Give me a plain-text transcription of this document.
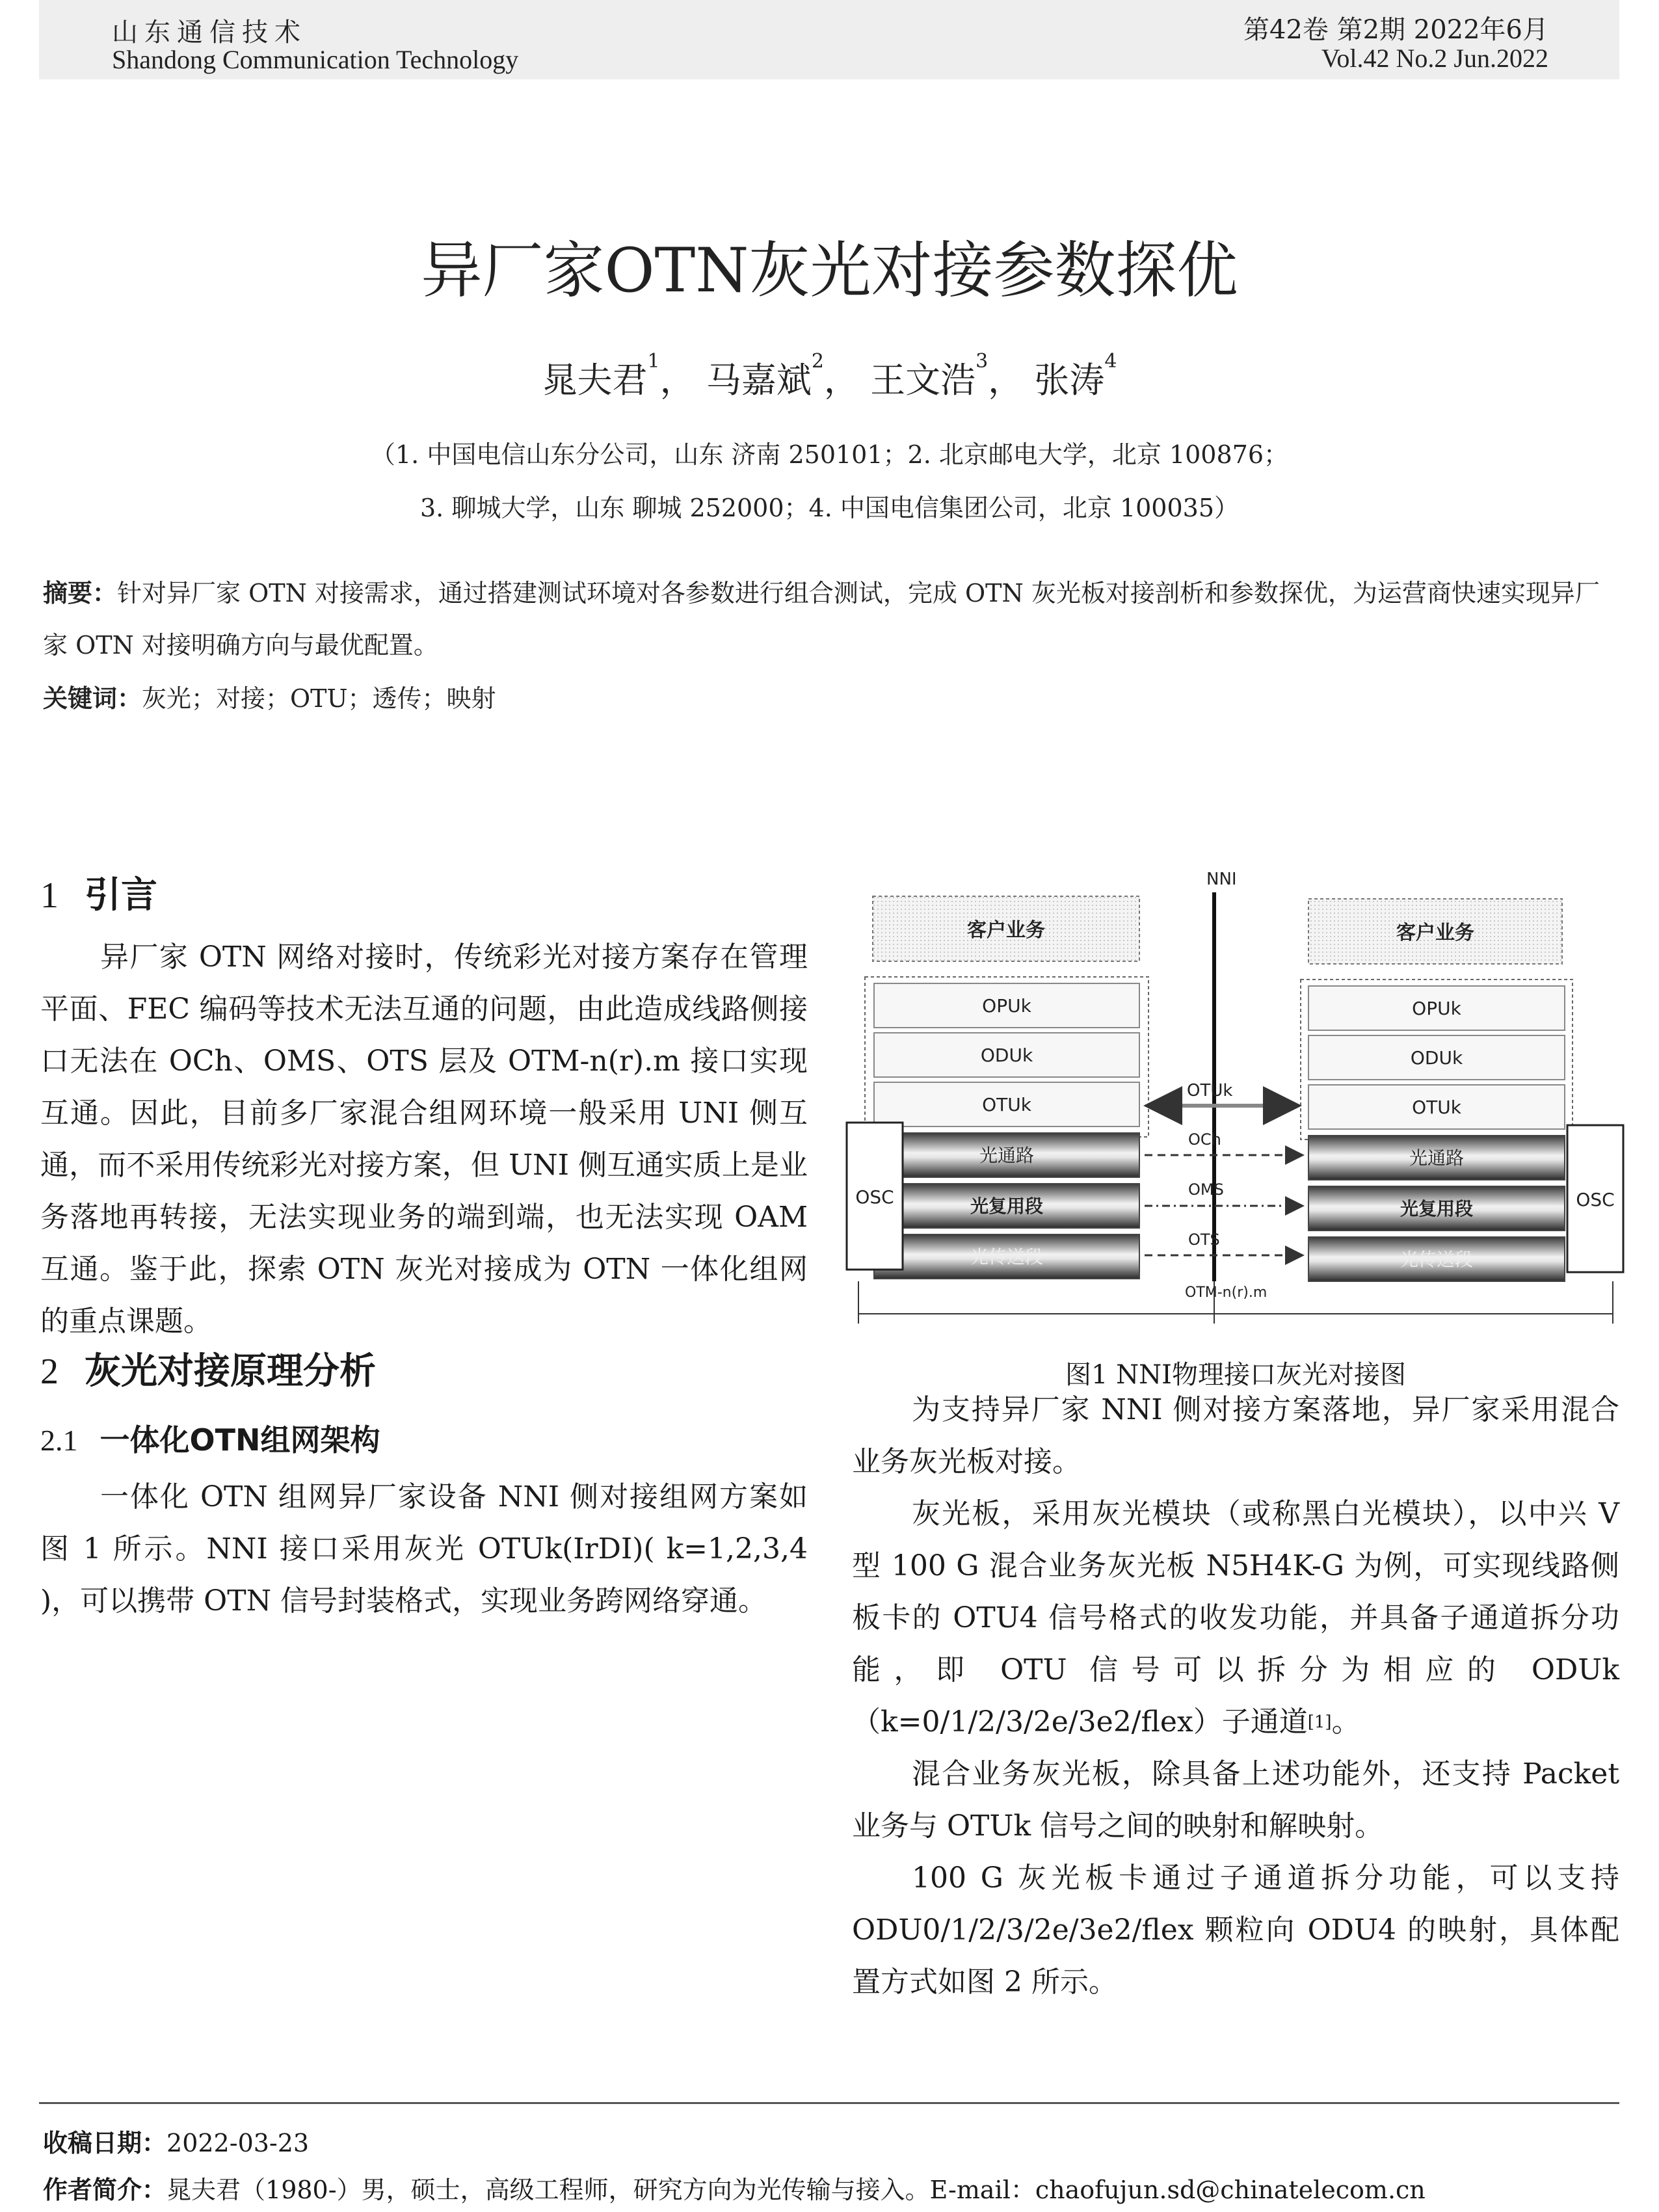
山东通信技术
Shandong Communication Technology
第42卷 第2期 2022年6月
Vol.42 No.2 Jun.2022
异厂家OTN灰光对接参数探优
晁夫君$^1$， 马嘉斌$^2$， 王文浩$^3$， 张涛$^4$
（1. 中国电信山东分公司，山东 济南 250101；2. 北京邮电大学，北京 100876；
3. 聊城大学，山东 聊城 252000；4. 中国电信集团公司，北京 100035）
摘要：针对异厂家 OTN 对接需求，通过搭建测试环境对各参数进行组合测试，完成 OTN 灰光板对接剖析和参数探优，为运营商快速实现异厂家 OTN 对接明确方向与最优配置。
关键词：灰光；对接；OTU；透传；映射
1 引言

异厂家 OTN 网络对接时，传统彩光对接方案存在管理平面、FEC 编码等技术无法互通的问题，由此造成线路侧接口无法在 OCh、OMS、OTS 层及 OTM-n(r).m 接口实现互通。因此，目前多厂家混合组网环境一般采用 UNI 侧互通，而不采用传统彩光对接方案，但 UNI 侧互通实质上是业务落地再转接，无法实现业务的端到端，也无法实现 OAM 互通。鉴于此，探索 OTN 灰光对接成为 OTN 一体化组网的重点课题。

2 灰光对接原理分析
2.1 一体化OTN组网架构

一体化 OTN 组网异厂家设备 NNI 侧对接组网方案如图 1 所示。NNI 接口采用灰光 OTUk(IrDI)( k=1,2,3,4 )，可以携带 OTN 信号封装格式，实现业务跨网络穿通。

NNI
客户业务
OPUk
ODUk
OTUk
光通路
光复用段
光传送段
OSC
客户业务
OPUk
ODUk
OTUk
光通路
光复用段
光传送段
OSC
OTUk
OCh
OMS
OTS
OTM-n(r).m
图1 NNI物理接口灰光对接图

为支持异厂家 NNI 侧对接方案落地，异厂家采用混合业务灰光板对接。

灰光板，采用灰光模块（或称黑白光模块），以中兴 V 型 100 G 混合业务灰光板 N5H4K-G 为例，可实现线路侧板卡的 OTU4 信号格式的收发功能，并具备子通道拆分功能，即 OTU 信号可以拆分为相应的 ODUk（k=0/1/2/3/2e/3e2/flex）子通道[1]。

混合业务灰光板，除具备上述功能外，还支持 Packet 业务与 OTUk 信号之间的映射和解映射。

100 G 灰光板卡通过子通道拆分功能，可以支持 ODU0/1/2/3/2e/3e2/flex 颗粒向 ODU4 的映射，具体配置方式如图 2 所示。

收稿日期：2022-03-23
作者简介：晁夫君（1980-）男，硕士，高级工程师，研究方向为光传输与接入。E-mail：chaofujun.sd@chinatelecom.cn
